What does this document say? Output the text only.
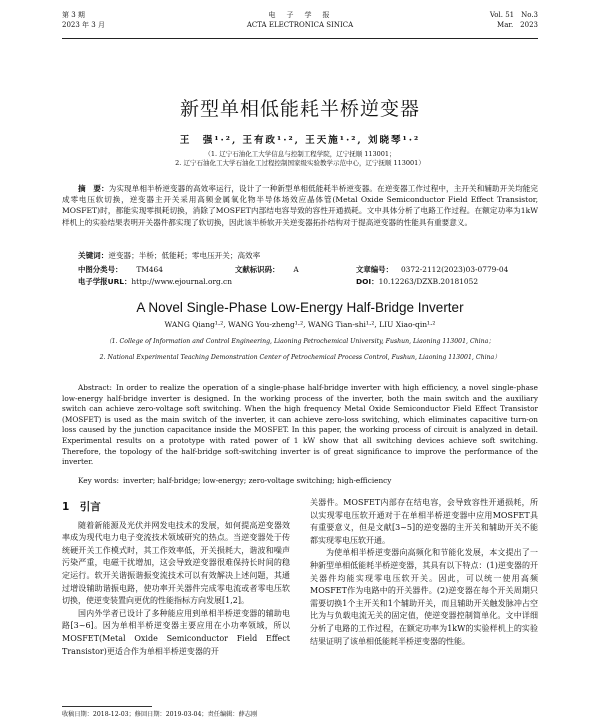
第 3 期
2023 年 3 月
电　子　学　报
ACTA ELECTRONICA SINICA
Vol. 51　No.3
Mar.　2023
新型单相低能耗半桥逆变器
王　强¹·², 王有政¹·², 王天施¹·², 刘晓琴¹·²
（1. 辽宁石油化工大学信息与控制工程学院，辽宁抚顺 113001；
2. 辽宁石油化工大学石油化工过程控制国家级实验教学示范中心，辽宁抚顺 113001）
摘　要：为实现单相半桥逆变器的高效率运行，设计了一种新型单相低能耗半桥逆变器。在逆变器工作过程中，主开关和辅助开关均能完成零电压软切换，逆变器主开关采用高频金属氧化物半导体场效应晶体管(Metal Oxide Semiconductor Field Effect Transistor, MOSFET)时，都能实现零损耗切换，消除了MOSFET内部结电容导致的容性开通损耗。文中具体分析了电路工作过程。在额定功率为1kW样机上的实验结果表明开关器件都实现了软切换，因此该半桥软开关逆变器拓扑结构对于提高逆变器的性能具有重要意义。
关键词：逆变器；半桥；低能耗；零电压开关；高效率
中图分类号： TM464	文献标识码： A	文章编号： 0372-2112(2023)03-0779-04
电子学报URL：http://www.ejournal.org.cn	DOI：10.12263/DZXB.20181052
A Novel Single-Phase Low-Energy Half-Bridge Inverter
WANG Qiang¹·², WANG You-zheng¹·², WANG Tian-shi¹·², LIU Xiao-qin¹·²
（1. College of Information and Control Engineering, Liaoning Petrochemical University, Fushun, Liaoning 113001, China；
2. National Experimental Teaching Demonstration Center of Petrochemical Process Control, Fushun, Liaoning 113001, China）
Abstract: In order to realize the operation of a single-phase half-bridge inverter with high efficiency, a novel single-phase low-energy half-bridge inverter is designed. In the working process of the inverter, both the main switch and the auxiliary switch can achieve zero-voltage soft switching. When the high frequency Metal Oxide Semiconductor Field Effect Transistor (MOSFET) is used as the main switch of the inverter, it can achieve zero-loss switching, which eliminates capacitive turn-on loss caused by the junction capacitance inside the MOSFET. In this paper, the working process of circuit is analyzed in detail. Experimental results on a prototype with rated power of 1 kW show that all switching devices achieve soft switching. Therefore, the topology of the half-bridge soft-switching inverter is of great significance to improve the performance of the inverter.
Key words: inverter; half-bridge; low-energy; zero-voltage switching; high-efficiency
1　引言

随着新能源及光伏并网发电技术的发展，如何提高逆变器效率成为现代电力电子变流技术领域研究的热点。当逆变器处于传统硬开关工作模式时，其工作效率低，开关损耗大，谐波和噪声污染严重，电磁干扰增加，这会导致逆变器很难保持长时间的稳定运行。软开关谐振谐振变流技术可以有效解决上述问题，其通过增设辅助谐振电路，使功率开关器件完成零电流或者零电压软切换，使逆变装置向更优的性能指标方向发展[1,2]。

国内外学者已设计了多种能应用到单相半桥逆变器的辅助电路[3~6]。因为单相半桥逆变器主要应用在小功率领域，所以MOSFET(Metal Oxide Semiconductor Field Effect Transistor)更适合作为单相半桥逆变器的开

关器件。MOSFET内部存在结电容，会导致容性开通损耗，所以实现零电压软开通对于在单相半桥逆变器中应用MOSFET具有重要意义，但是文献[3~5]的逆变器的主开关和辅助开关不能都实现零电压软开通。

为使单相半桥逆变器向高频化和节能化发展，本文提出了一种新型单相低能耗半桥逆变器，其具有以下特点：(1)逆变器的开关器件均能实现零电压软开关。因此，可以统一使用高频MOSFET作为电路中的开关器件。(2)逆变器在每个开关周期只需要切换1个主开关和1个辅助开关，而且辅助开关触发脉冲占空比为与负载电流无关的固定值，使逆变器控制简单化。文中详细分析了电路的工作过程，在额定功率为1kW的实验样机上的实验结果证明了该单相低能耗半桥逆变器的性能。

收稿日期：2018-12-03；修回日期：2019-03-04；责任编辑：薛志刚
